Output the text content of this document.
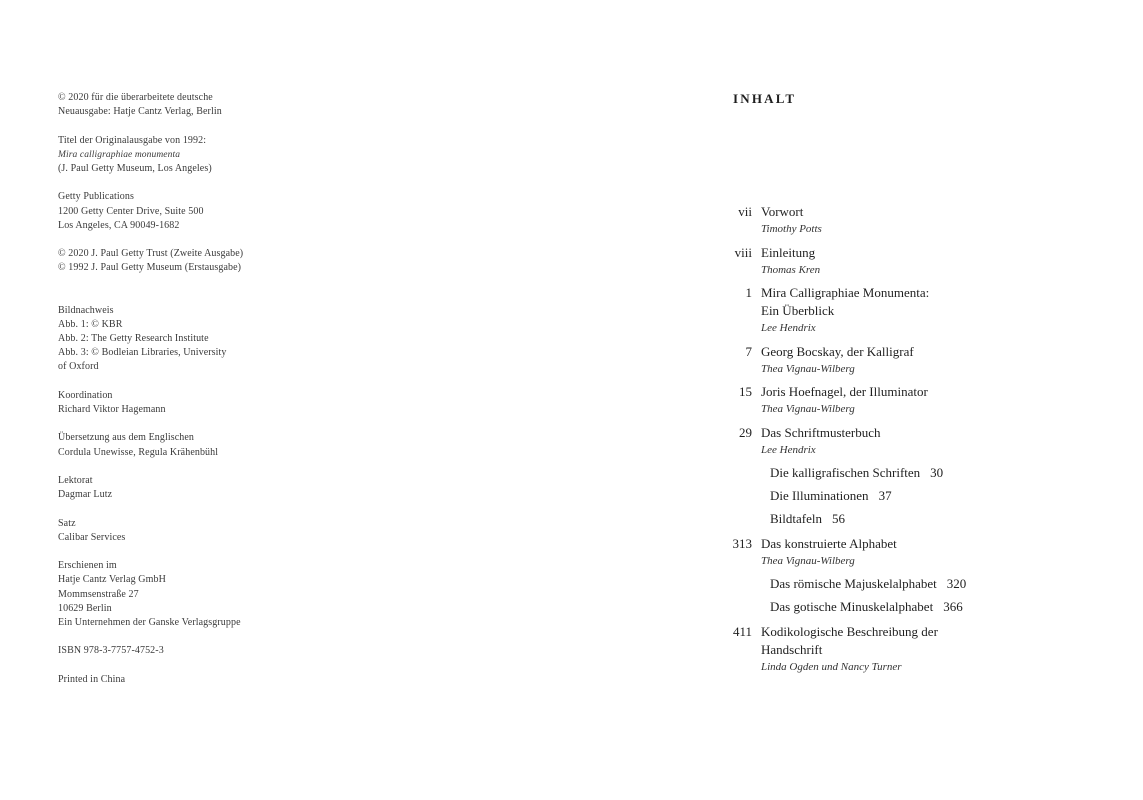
© 2020 für die überarbeitete deutsche
Neuausgabe: Hatje Cantz Verlag, Berlin
Titel der Originalausgabe von 1992:
Mira calligraphiae monumenta
(J. Paul Getty Museum, Los Angeles)
Getty Publications
1200 Getty Center Drive, Suite 500
Los Angeles, CA 90049-1682
© 2020 J. Paul Getty Trust (Zweite Ausgabe)
© 1992 J. Paul Getty Museum (Erstausgabe)
Bildnachweis
Abb. 1: © KBR
Abb. 2: The Getty Research Institute
Abb. 3: © Bodleian Libraries, University
of Oxford
Koordination
Richard Viktor Hagemann
Übersetzung aus dem Englischen
Cordula Unewisse, Regula Krähenbühl
Lektorat
Dagmar Lutz
Satz
Calibar Services
Erschienen im
Hatje Cantz Verlag GmbH
Mommsenstraße 27
10629 Berlin
Ein Unternehmen der Ganske Verlagsgruppe
ISBN 978-3-7757-4752-3
Printed in China
INHALT
vii Vorwort
Timothy Potts
viii Einleitung
Thomas Kren
1 Mira Calligraphiae Monumenta:
Ein Überblick
Lee Hendrix
7 Georg Bocskay, der Kalligraf
Thea Vignau-Wilberg
15 Joris Hoefnagel, der Illuminator
Thea Vignau-Wilberg
29 Das Schriftmusterbuch
Lee Hendrix
Die kalligrafischen Schriften 30
Die Illuminationen 37
Bildtafeln 56
313 Das konstruierte Alphabet
Thea Vignau-Wilberg
Das römische Majuskelalphabet 320
Das gotische Minuskelalphabet 366
411 Kodikologische Beschreibung der
Handschrift
Linda Ogden und Nancy Turner
